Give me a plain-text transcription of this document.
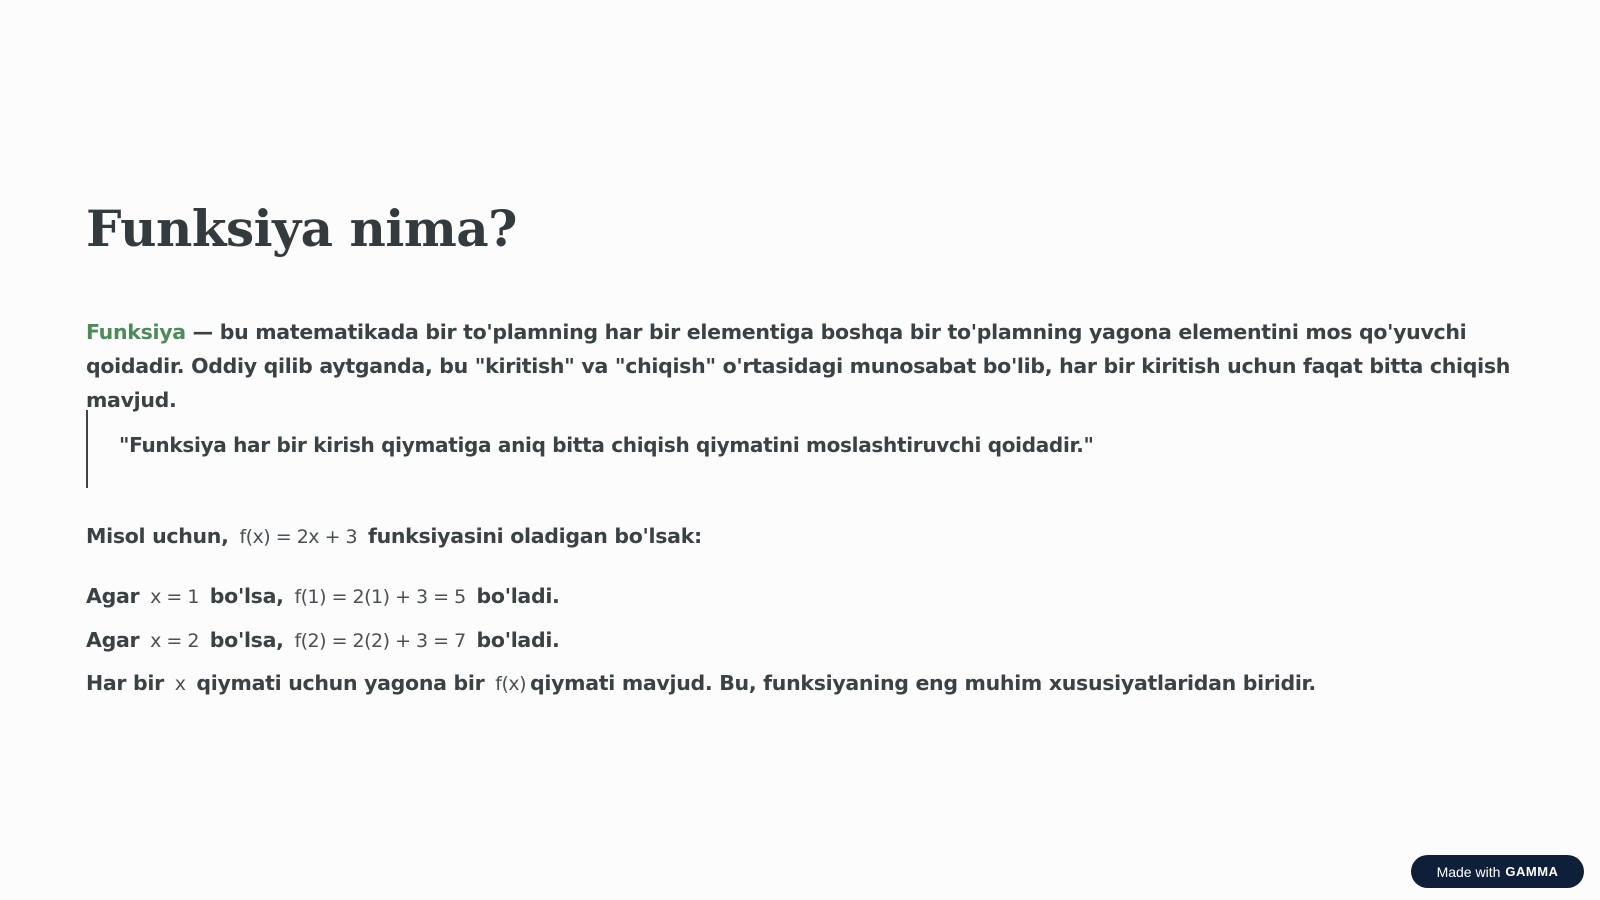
Funksiya nima?

Funksiya — bu matematikada bir to'plamning har bir elementiga boshqa bir to'plamning yagona elementini mos qo'yuvchi qoidadir. Oddiy qilib aytganda, bu "kiritish" va "chiqish" o'rtasidagi munosabat bo'lib, har bir kiritish uchun faqat bitta chiqish mavjud.

"Funksiya har bir kirish qiymatiga aniq bitta chiqish qiymatini moslashtiruvchi qoidadir."

Misol uchun, f(x) = 2x + 3 funksiyasini oladigan bo'lsak:

Agar x = 1 bo'lsa, f(1) = 2(1) + 3 = 5 bo'ladi.

Agar x = 2 bo'lsa, f(2) = 2(2) + 3 = 7 bo'ladi.

Har bir x qiymati uchun yagona bir f(x) qiymati mavjud. Bu, funksiyaning eng muhim xususiyatlaridan biridir.

Made with GAMMA
